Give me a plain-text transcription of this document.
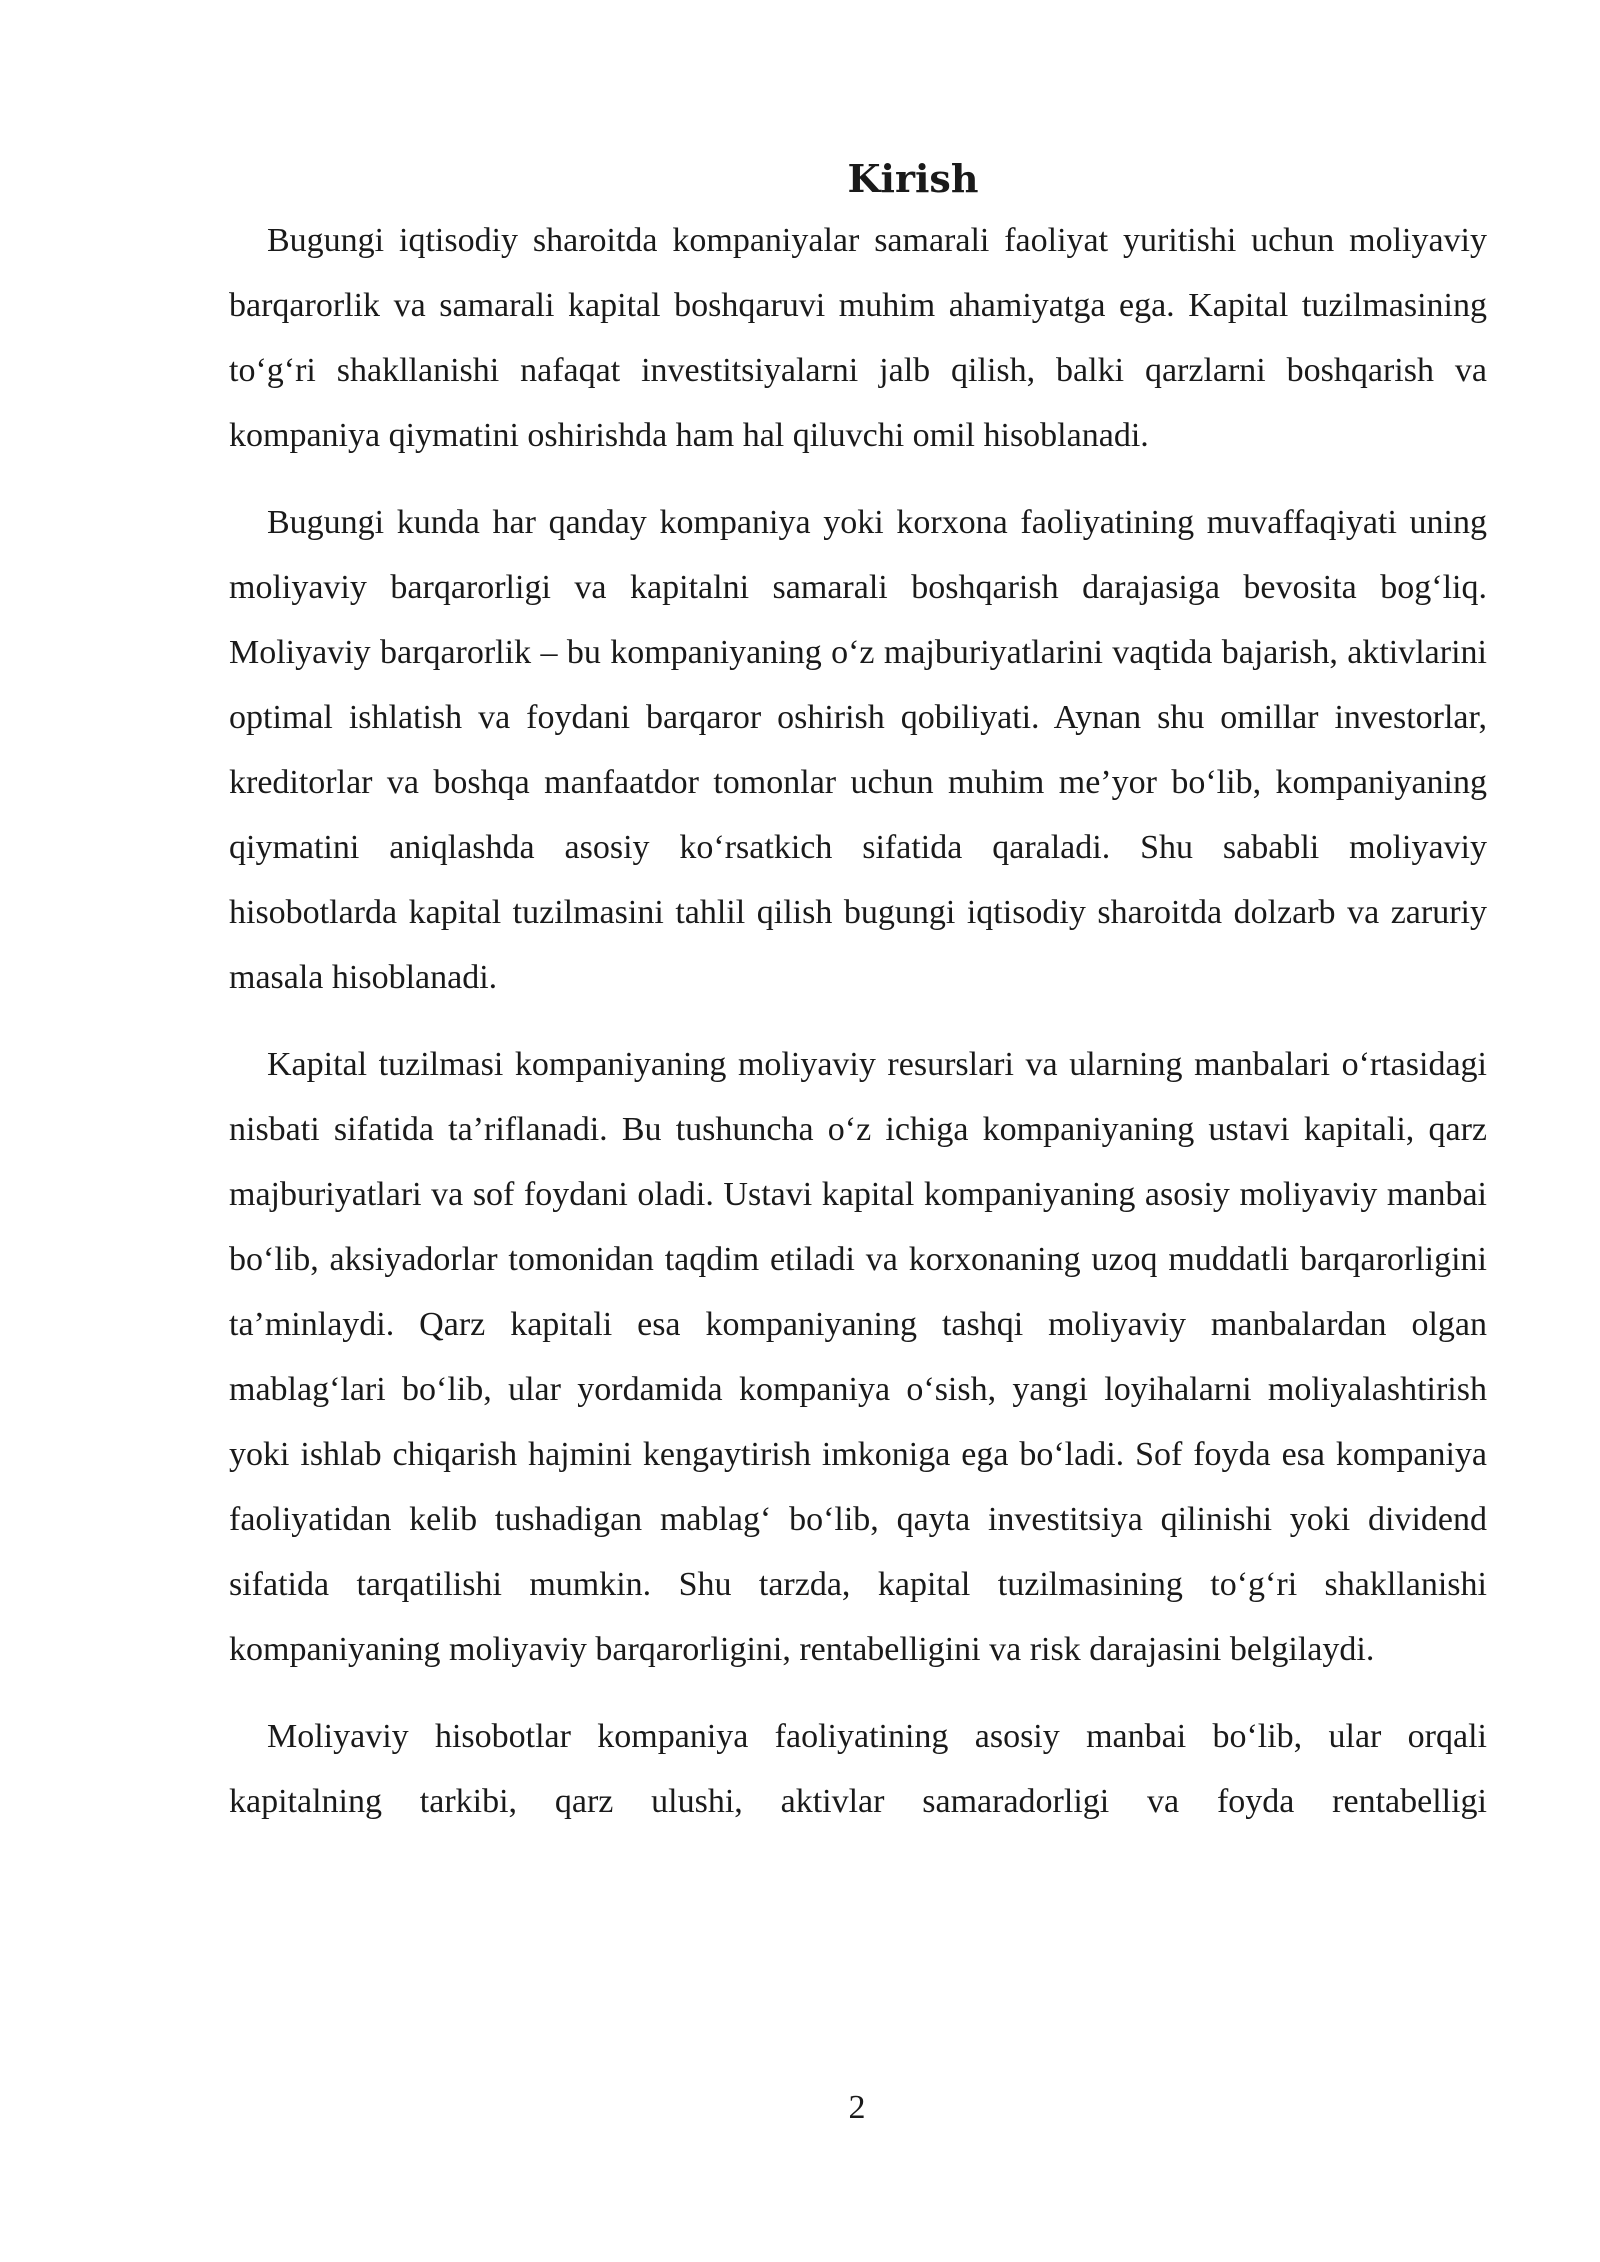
Kirish

Bugungi iqtisodiy sharoitda kompaniyalar samarali faoliyat yuritishi uchun moliyaviy barqarorlik va samarali kapital boshqaruvi muhim ahamiyatga ega. Kapital tuzilmasining to‘g‘ri shakllanishi nafaqat investitsiyalarni jalb qilish, balki qarzlarni boshqarish va kompaniya qiymatini oshirishda ham hal qiluvchi omil hisoblanadi.

Bugungi kunda har qanday kompaniya yoki korxona faoliyatining muvaffaqiyati uning moliyaviy barqarorligi va kapitalni samarali boshqarish darajasiga bevosita bog‘liq. Moliyaviy barqarorlik – bu kompaniyaning o‘z majburiyatlarini vaqtida bajarish, aktivlarini optimal ishlatish va foydani barqaror oshirish qobiliyati. Aynan shu omillar investorlar, kreditorlar va boshqa manfaatdor tomonlar uchun muhim me’yor bo‘lib, kompaniyaning qiymatini aniqlashda asosiy ko‘rsatkich sifatida qaraladi. Shu sababli moliyaviy hisobotlarda kapital tuzilmasini tahlil qilish bugungi iqtisodiy sharoitda dolzarb va zaruriy masala hisoblanadi.

Kapital tuzilmasi kompaniyaning moliyaviy resurslari va ularning manbalari o‘rtasidagi nisbati sifatida ta’riflanadi. Bu tushuncha o‘z ichiga kompaniyaning ustavi kapitali, qarz majburiyatlari va sof foydani oladi. Ustavi kapital kompaniyaning asosiy moliyaviy manbai bo‘lib, aksiyadorlar tomonidan taqdim etiladi va korxonaning uzoq muddatli barqarorligini ta’minlaydi. Qarz kapitali esa kompaniyaning tashqi moliyaviy manbalardan olgan mablag‘lari bo‘lib, ular yordamida kompaniya o‘sish, yangi loyihalarni moliyalashtirish yoki ishlab chiqarish hajmini kengaytirish imkoniga ega bo‘ladi. Sof foyda esa kompaniya faoliyatidan kelib tushadigan mablag‘ bo‘lib, qayta investitsiya qilinishi yoki dividend sifatida tarqatilishi mumkin. Shu tarzda, kapital tuzilmasining to‘g‘ri shakllanishi kompaniyaning moliyaviy barqarorligini, rentabelligini va risk darajasini belgilaydi.

Moliyaviy hisobotlar kompaniya faoliyatining asosiy manbai bo‘lib, ular orqali kapitalning tarkibi, qarz ulushi, aktivlar samaradorligi va foyda rentabelligi

2
